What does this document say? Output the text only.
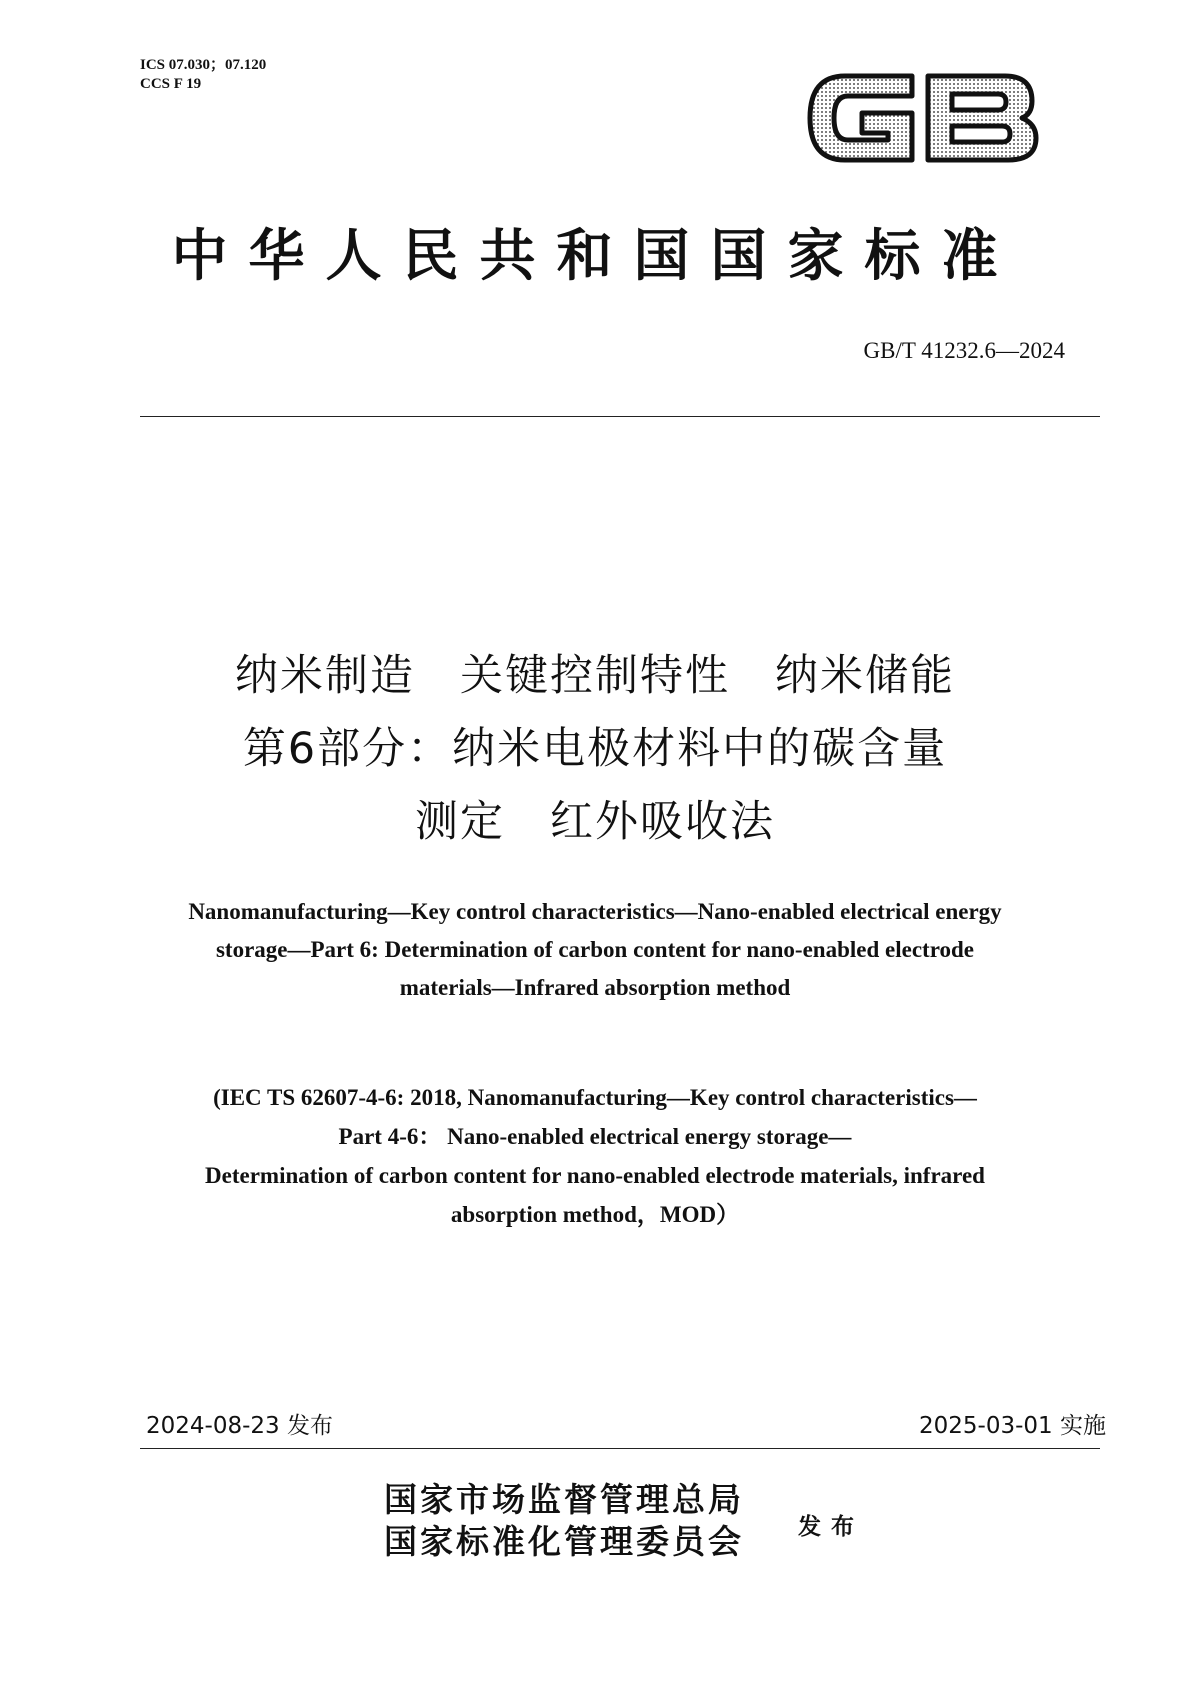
ICS 07.030；07.120
CCS F 19
中华人民共和国国家标准
GB/T 41232.6—2024
纳米制造　关键控制特性　纳米储能
第6部分：纳米电极材料中的碳含量
测定　红外吸收法
Nanomanufacturing—Key control characteristics—Nano-enabled electrical energy
storage—Part 6: Determination of carbon content for nano-enabled electrode
materials—Infrared absorption method
(IEC TS 62607-4-6: 2018, Nanomanufacturing—Key control characteristics—
Part 4-6： Nano-enabled electrical energy storage—
Determination of carbon content for nano-enabled electrode materials, infrared
absorption method，MOD）
2024-08-23 发布	2025-03-01 实施
国家市场监督管理总局
国家标准化管理委员会 发布
